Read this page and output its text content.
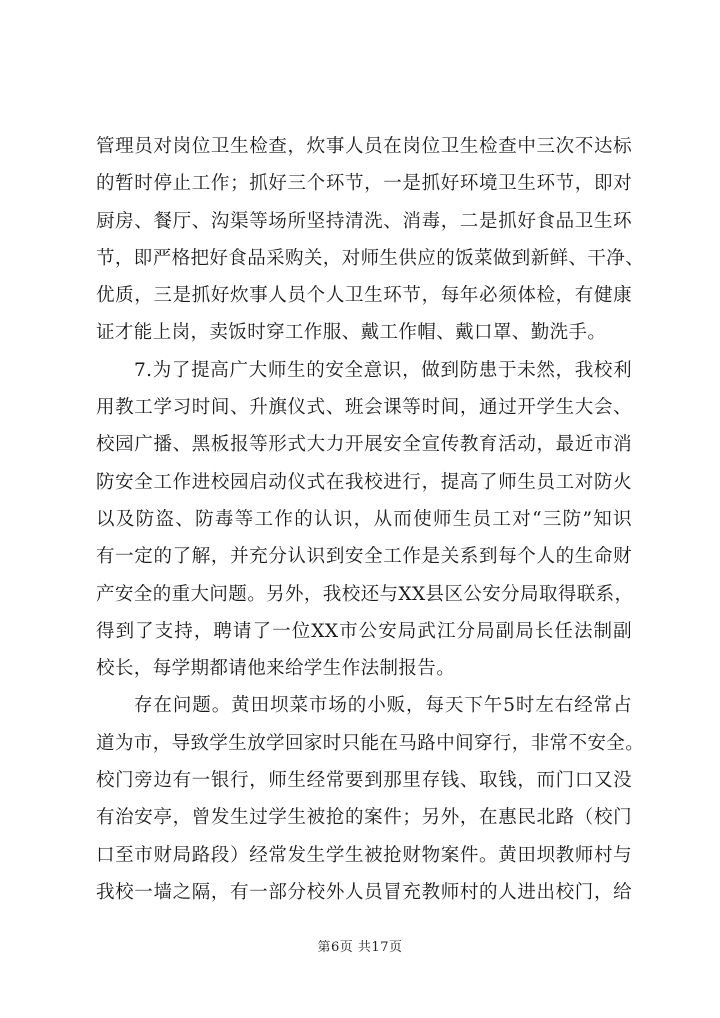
管理员对岗位卫生检查，炊事人员在岗位卫生检查中三次不达标
的暂时停止工作；抓好三个环节，一是抓好环境卫生环节，即对
厨房、餐厅、沟渠等场所坚持清洗、消毒，二是抓好食品卫生环
节，即严格把好食品采购关，对师生供应的饭菜做到新鲜、干净、
优质，三是抓好炊事人员个人卫生环节，每年必须体检，有健康
证才能上岗，卖饭时穿工作服、戴工作帽、戴口罩、勤洗手。
7.为了提高广大师生的安全意识，做到防患于未然，我校利
用教工学习时间、升旗仪式、班会课等时间，通过开学生大会、
校园广播、黑板报等形式大力开展安全宣传教育活动，最近市消
防安全工作进校园启动仪式在我校进行，提高了师生员工对防火
以及防盗、防毒等工作的认识，从而使师生员工对“三防”知识
有一定的了解，并充分认识到安全工作是关系到每个人的生命财
产安全的重大问题。另外，我校还与XX县区公安分局取得联系，
得到了支持，聘请了一位XX市公安局武江分局副局长任法制副
校长，每学期都请他来给学生作法制报告。
存在问题。黄田坝菜市场的小贩，每天下午5时左右经常占
道为市，导致学生放学回家时只能在马路中间穿行，非常不安全。
校门旁边有一银行，师生经常要到那里存钱、取钱，而门口又没
有治安亭，曾发生过学生被抢的案件；另外，在惠民北路（校门
口至市财局路段）经常发生学生被抢财物案件。黄田坝教师村与
我校一墙之隔，有一部分校外人员冒充教师村的人进出校门，给
第6页 共17页
